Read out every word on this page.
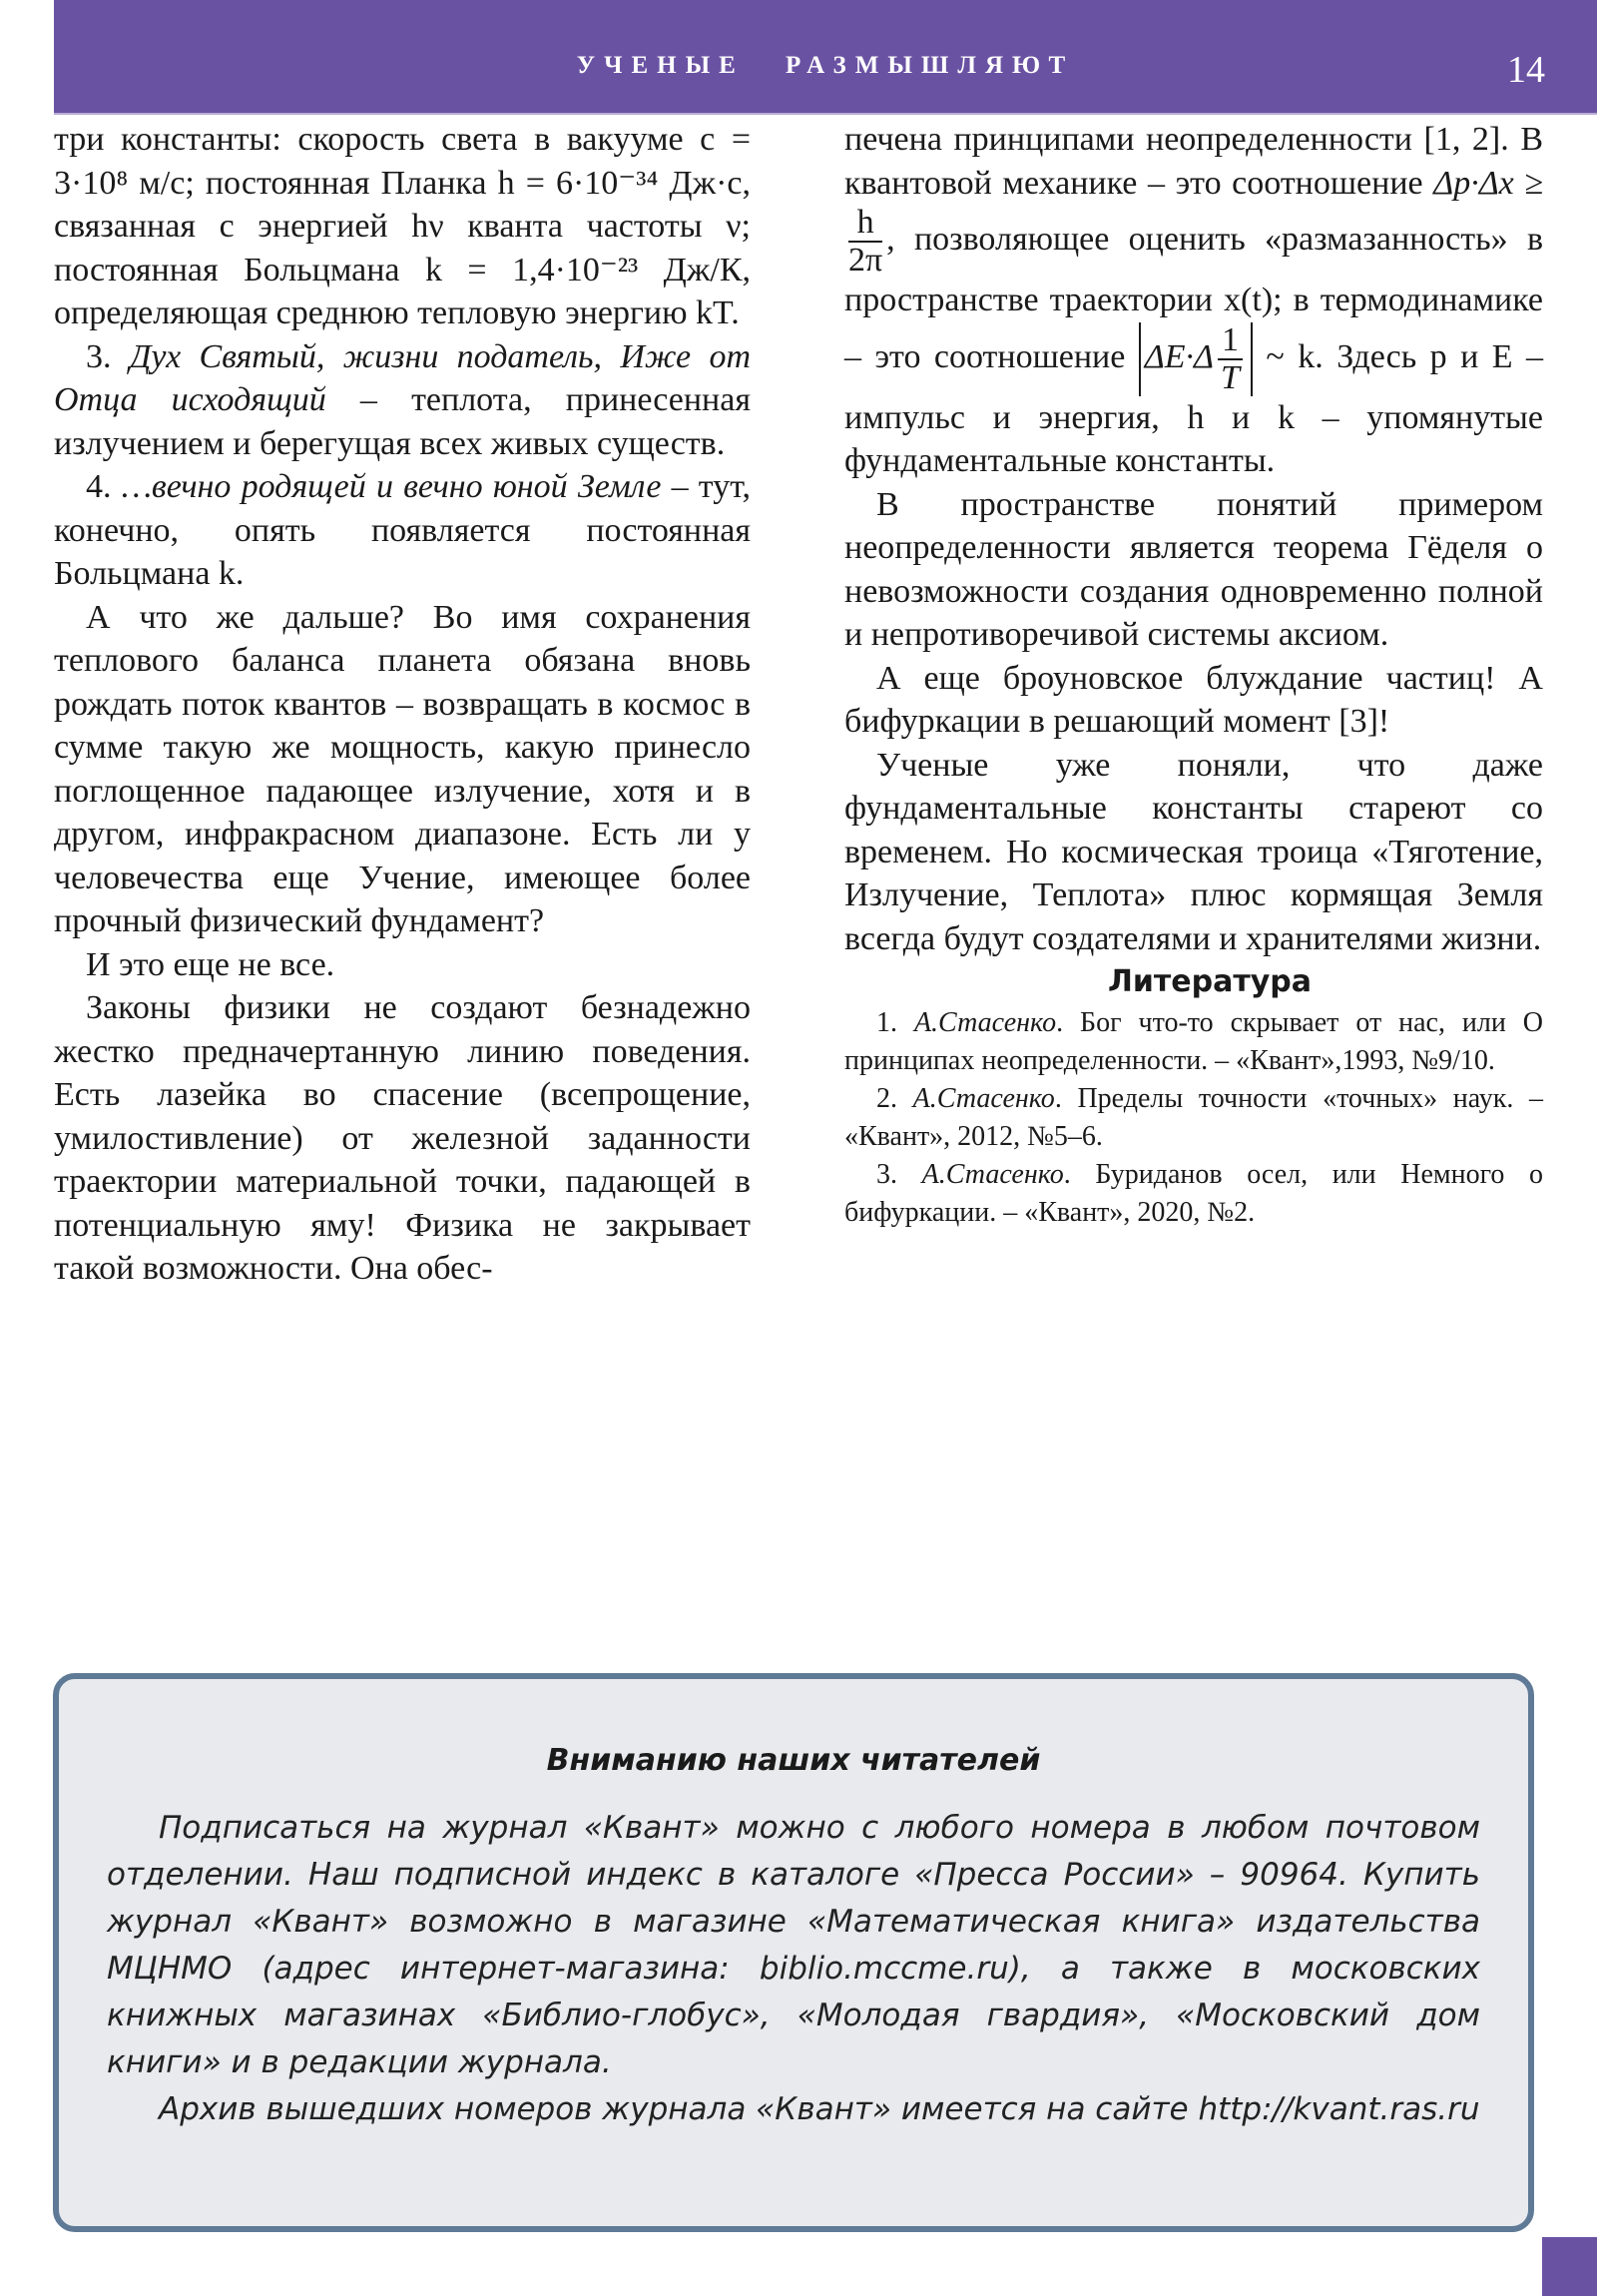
УЧЕНЫЕ РАЗМЫШЛЯЮТ	14

три константы: скорость света в вакууме c = 3·10⁸ м/с; постоянная Планка h = 6·10⁻³⁴ Дж·с, связанная с энергией hν кванта частоты ν; постоянная Больцмана k = 1,4·10⁻²³ Дж/К, определяющая среднюю тепловую энергию kT.

3. Дух Святый, жизни податель, Иже от Отца исходящий – теплота, принесенная излучением и берегущая всех живых существ.

4. …вечно родящей и вечно юной Земле – тут, конечно, опять появляется постоянная Больцмана k.

А что же дальше? Во имя сохранения теплового баланса планета обязана вновь рождать поток квантов – возвращать в космос в сумме такую же мощность, какую принесло поглощенное падающее излучение, хотя и в другом, инфракрасном диапазоне. Есть ли у человечества еще Учение, имеющее более прочный физический фундамент?

И это еще не все.

Законы физики не создают безнадежно жестко предначертанную линию поведения. Есть лазейка во спасение (всепрощение, умилостивление) от железной заданности траектории материальной точки, падающей в потенциальную яму! Физика не закрывает такой возможности. Она обес-

печена принципами неопределенности [1, 2]. В квантовой механике – это соотношение Δp·Δx ≥
$\frac{h}{2\pi}$ , позволяющее оценить «размазанность» в пространстве траектории x(t); в термодинамике – это соотношение $\Delta E\cdot\Delta \frac{1}{T}$ ~ k. Здесь p и E – импульс и энергия, h и k – упомянутые фундаментальные константы.

В пространстве понятий примером неопределенности является теорема Гёделя о невозможности создания одновременно полной и непротиворечивой системы аксиом.

А еще броуновское блуждание частиц! А бифуркации в решающий момент [3]!

Ученые уже поняли, что даже фундаментальные константы стареют со временем. Но космическая троица «Тяготение, Излучение, Теплота» плюс кормящая Земля всегда будут создателями и хранителями жизни.

Литература

1. А.Стасенко. Бог что-то скрывает от нас, или О принципах неопределенности. – «Квант»,1993, №9/10.

2. А.Стасенко. Пределы точности «точных» наук. – «Квант», 2012, №5–6.

3. А.Стасенко. Буриданов осел, или Немного о бифуркации. – «Квант», 2020, №2.

Вниманию наших читателей

Подписаться на журнал «Квант» можно с любого номера в любом почтовом отделении. Наш подписной индекс в каталоге «Пресса России» – 90964. Купить журнал «Квант» возможно в магазине «Математическая книга» издательства МЦНМО (адрес интернет-магазина: biblio.mccme.ru), а также в московских книжных магазинах «Библио-глобус», «Молодая гвардия», «Московский дом книги» и в редакции журнала.

Архив вышедших номеров журнала «Квант» имеется на сайте http://kvant.ras.ru
